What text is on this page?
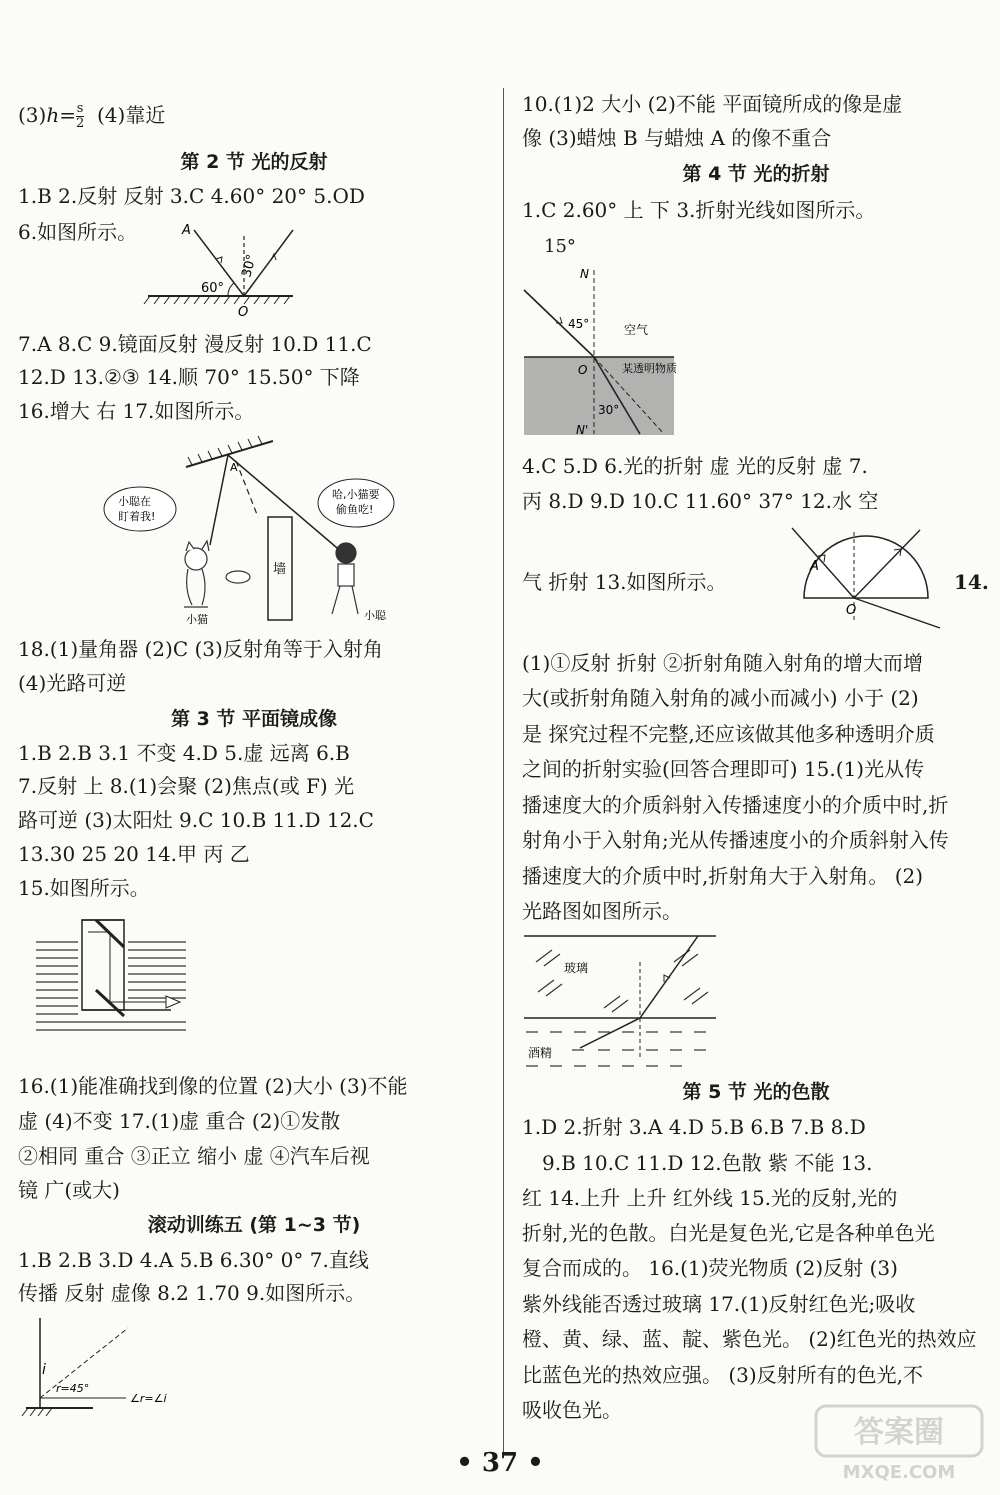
$(3)h= \frac{s}{2} (4)$靠近
第 2 节 光的反射
1.B 2.反射 反射 3.C 4.60° 20° 5.OD
6.如图所示。	A
O
60°
30°
7.A 8.C 9.镜面反射 漫反射 10.D 11.C
12.D 13.②③ 14.顺 70° 15.50° 下降
16.增大 右 17.如图所示。
A
墙
小聪在
盯着我!
哈,小猫要
偷鱼吃!
小猫	小聪
18.(1)量角器 (2)C (3)反射角等于入射角
(4)光路可逆
第 3 节 平面镜成像
1.B 2.B 3.1 不变 4.D 5.虚 远离 6.B
7.反射 上 8.(1)会聚 (2)焦点(或 F) 光
路可逆 (3)太阳灶 9.C 10.B 11.D 12.C
13.30 25 20 14.甲 丙 乙
15.如图所示。
16.(1)能准确找到像的位置 (2)大小 (3)不能
虚 (4)不变 17.(1)虚 重合 (2)①发散
②相同 重合 ③正立 缩小 虚 ④汽车后视
镜 广(或大)
滚动训练五 (第 1~3 节)
1.B 2.B 3.D 4.A 5.B 6.30° 0° 7.直线
传播 反射 虚像 8.2 1.70 9.如图所示。
i
r=45°
∠r=∠i
10.(1)2 大小 (2)不能 平面镜所成的像是虚
像 (3)蜡烛 B 与蜡烛 A 的像不重合
第 4 节 光的折射
1.C 2.60° 上 下 3.折射光线如图所示。
15°
N
N'
O
45°
30°
空气
某透明物质
4.C 5.D 6.光的折射 虚 光的反射 虚 7.
丙 8.D 9.D 10.C 11.60° 37° 12.水 空
A
O
气 折射 13.如图所示。	14.
(1)①反射 折射 ②折射角随入射角的增大而增
大(或折射角随入射角的减小而减小) 小于 (2)
是 探究过程不完整,还应该做其他多种透明介质
之间的折射实验(回答合理即可) 15.(1)光从传
播速度大的介质斜射入传播速度小的介质中时,折
射角小于入射角;光从传播速度小的介质斜射入传
播速度大的介质中时,折射角大于入射角。 (2)
光路图如图所示。
玻璃
酒精
第 5 节 光的色散
1.D 2.折射 3.A 4.D 5.B 6.B 7.B 8.D
9.B 10.C 11.D 12.色散 紫 不能 13.
红 14.上升 上升 红外线 15.光的反射,光的
折射,光的色散。白光是复色光,它是各种单色光
复合而成的。 16.(1)荧光物质 (2)反射 (3)
紫外线能否透过玻璃 17.(1)反射红色光;吸收
橙、黄、绿、蓝、靛、紫色光。 (2)红色光的热效应
比蓝色光的热效应强。 (3)反射所有的色光,不
吸收色光。
• 37 •
答案圈
MXQE.COM
